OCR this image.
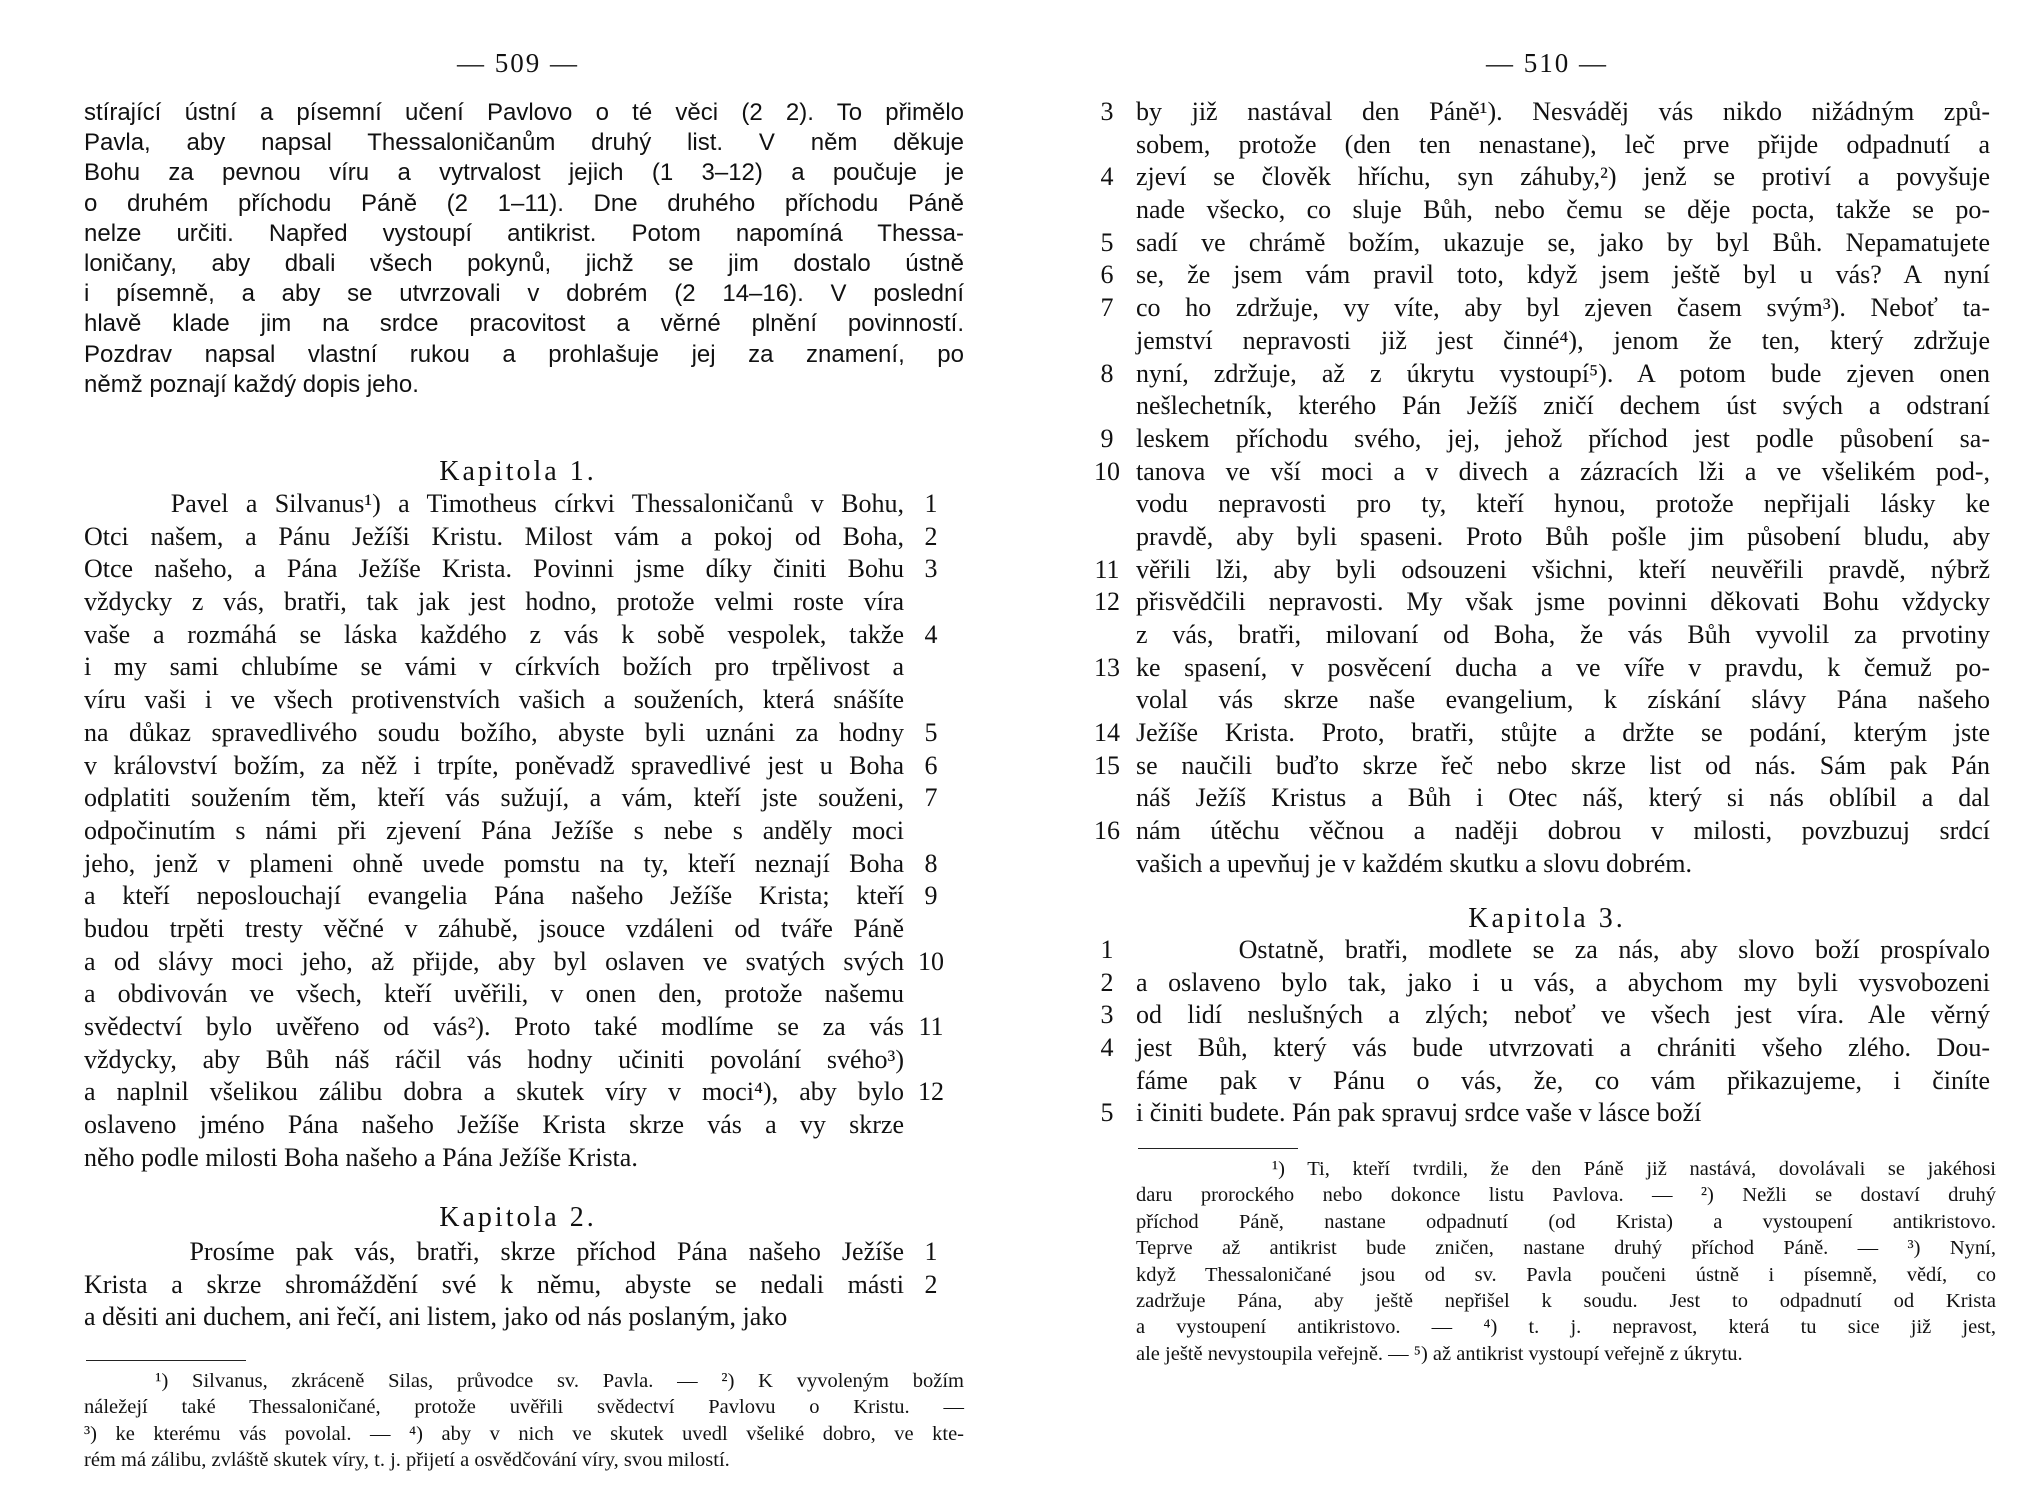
— 509 —
stírající ústní a písemní učení Pavlovo o té věci (2 2). To přimělo
Pavla, aby napsal Thessaloničanům druhý list. V něm děkuje
Bohu za pevnou víru a vytrvalost jejich (1 3–12) a poučuje je
o druhém příchodu Páně (2 1–11). Dne druhého příchodu Páně
nelze určiti. Napřed vystoupí antikrist. Potom napomíná Thessa-
loničany, aby dbali všech pokynů, jichž se jim dostalo ústně
i písemně, a aby se utvrzovali v dobrém (2 14–16). V poslední
hlavě klade jim na srdce pracovitost a věrné plnění povinností.
Pozdrav napsal vlastní rukou a prohlašuje jej za znamení, po
němž poznají každý dopis jeho.
Kapitola 1.
Pavel a Silvanus¹) a Timotheus církvi Thessaloničanů v Bohu, 1
Otci našem, a Pánu Ježíši Kristu. Milost vám a pokoj od Boha, 2
Otce našeho, a Pána Ježíše Krista. Povinni jsme díky činiti Bohu 3
vždycky z vás, bratři, tak jak jest hodno, protože velmi roste víra
vaše a rozmáhá se láska každého z vás k sobě vespolek, takže 4
i my sami chlubíme se vámi v církvích božích pro trpělivost a
víru vaši i ve všech protivenstvích vašich a souženích, která snášíte
na důkaz spravedlivého soudu božího, abyste byli uznáni za hodny 5
v království božím, za něž i trpíte, poněvadž spravedlivé jest u Boha 6
odplatiti soužením těm, kteří vás sužují, a vám, kteří jste souženi, 7
odpočinutím s námi při zjevení Pána Ježíše s nebe s anděly moci
jeho, jenž v plameni ohně uvede pomstu na ty, kteří neznají Boha 8
a kteří neposlouchají evangelia Pána našeho Ježíše Krista; kteří 9
budou trpěti tresty věčné v záhubě, jsouce vzdáleni od tváře Páně
a od slávy moci jeho, až přijde, aby byl oslaven ve svatých svých 10
a obdivován ve všech, kteří uvěřili, v onen den, protože našemu
svědectví bylo uvěřeno od vás²). Proto také modlíme se za vás 11
vždycky, aby Bůh náš ráčil vás hodny učiniti povolání svého³)
a naplnil všelikou zálibu dobra a skutek víry v moci⁴), aby bylo 12
oslaveno jméno Pána našeho Ježíše Krista skrze vás a vy skrze
něho podle milosti Boha našeho a Pána Ježíše Krista.
Kapitola 2.
Prosíme pak vás, bratři, skrze příchod Pána našeho Ježíše 1
Krista a skrze shromáždění své k němu, abyste se nedali másti 2
a děsiti ani duchem, ani řečí, ani listem, jako od nás poslaným, jako
¹) Silvanus, zkráceně Silas, průvodce sv. Pavla. — ²) K vyvoleným božím
náležejí také Thessaloničané, protože uvěřili svědectví Pavlovu o Kristu. —
³) ke kterému vás povolal. — ⁴) aby v nich ve skutek uvedl všeliké dobro, ve kte-
rém má zálibu, zvláště skutek víry, t. j. přijetí a osvědčování víry, svou milostí.
— 510 —
by již nastával den Páně¹). Nesváděj vás nikdo nižádným způ-
3
sobem, protože (den ten nenastane), leč prve přijde odpadnutí a
zjeví se člověk hříchu, syn záhuby,²) jenž se protiví a povyšuje
4
nade všecko, co sluje Bůh, nebo čemu se děje pocta, takže se po-
sadí ve chrámě božím, ukazuje se, jako by byl Bůh. Nepamatujete
5
se, že jsem vám pravil toto, když jsem ještě byl u vás? A nyní
6
co ho zdržuje, vy víte, aby byl zjeven časem svým³). Neboť ta-
7
jemství nepravosti již jest činné⁴), jenom že ten, který zdržuje
nyní, zdržuje, až z úkrytu vystoupí⁵). A potom bude zjeven onen
8
nešlechetník, kterého Pán Ježíš zničí dechem úst svých a odstraní
leskem příchodu svého, jej, jehož příchod jest podle působení sa-
9
tanova ve vší moci a v divech a zázracích lži a ve všelikém pod-,
10
vodu nepravosti pro ty, kteří hynou, protože nepřijali lásky ke
pravdě, aby byli spaseni. Proto Bůh pošle jim působení bludu, aby
věřili lži, aby byli odsouzeni všichni, kteří neuvěřili pravdě, nýbrž
11
přisvědčili nepravosti. My však jsme povinni děkovati Bohu vždycky
12
z vás, bratři, milovaní od Boha, že vás Bůh vyvolil za prvotiny
ke spasení, v posvěcení ducha a ve víře v pravdu, k čemuž po-
13
volal vás skrze naše evangelium, k získání slávy Pána našeho
Ježíše Krista. Proto, bratři, stůjte a držte se podání, kterým jste
14
se naučili buďto skrze řeč nebo skrze list od nás. Sám pak Pán
15
náš Ježíš Kristus a Bůh i Otec náš, který si nás oblíbil a dal
nám útěchu věčnou a naději dobrou v milosti, povzbuzuj srdcí
16
vašich a upevňuj je v každém skutku a slovu dobrém.
Kapitola 3.
Ostatně, bratři, modlete se za nás, aby slovo boží prospívalo
1
a oslaveno bylo tak, jako i u vás, a abychom my byli vysvobozeni
2
od lidí neslušných a zlých; neboť ve všech jest víra. Ale věrný
3
jest Bůh, který vás bude utvrzovati a chrániti všeho zlého. Dou-
4
fáme pak v Pánu o vás, že, co vám přikazujeme, i činíte
i činiti budete. Pán pak spravuj srdce vaše v lásce boží
5
¹) Ti, kteří tvrdili, že den Páně již nastává, dovolávali se jakéhosi
daru prorockého nebo dokonce listu Pavlova. — ²) Nežli se dostaví druhý
příchod Páně, nastane odpadnutí (od Krista) a vystoupení antikristovo.
Teprve až antikrist bude zničen, nastane druhý příchod Páně. — ³) Nyní,
když Thessaloničané jsou od sv. Pavla poučeni ústně i písemně, vědí, co
zadržuje Pána, aby ještě nepřišel k soudu. Jest to odpadnutí od Krista
a vystoupení antikristovo. — ⁴) t. j. nepravost, která tu sice již jest,
ale ještě nevystoupila veřejně. — ⁵) až antikrist vystoupí veřejně z úkrytu.
